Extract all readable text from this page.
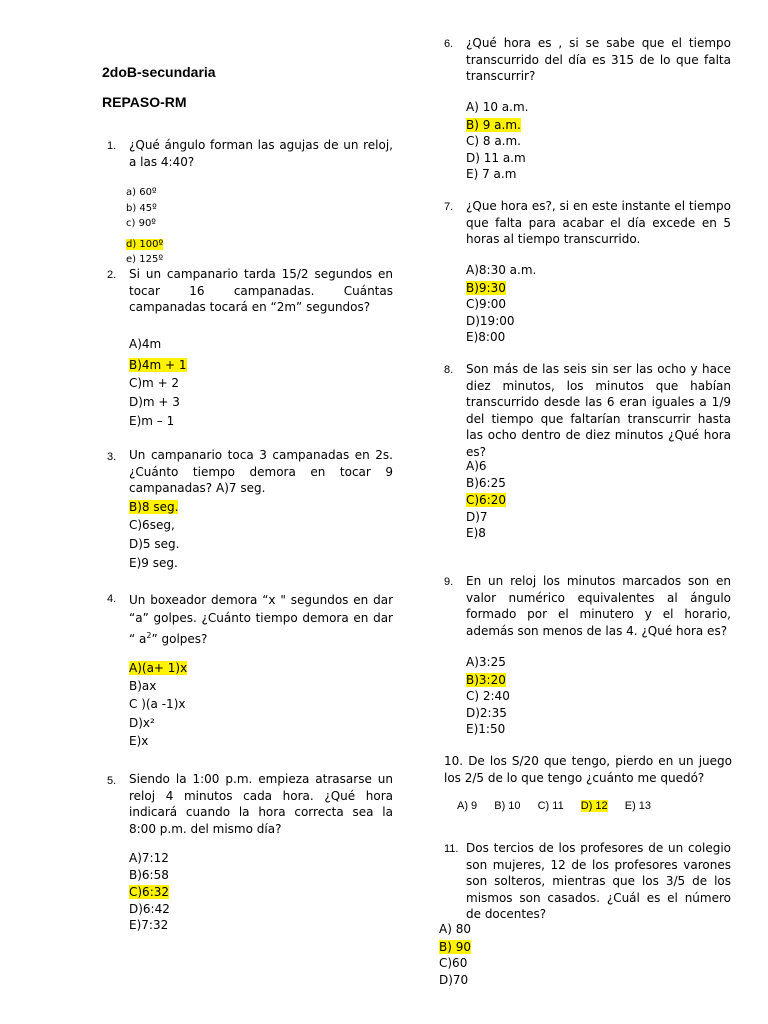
2doB-secundaria
REPASO-RM
1. ¿Qué ángulo forman las agujas de un reloj, a las 4:40?
a) 60º
b) 45º
c) 90º
d) 100º
e) 125º
2. Si un campanario tarda 15/2 segundos en tocar 16 campanadas. Cuántas campanadas tocará en “2m” segundos?
A)4m
B)4m + 1
C)m + 2
D)m + 3
E)m – 1
3. Un campanario toca 3 campanadas en 2s. ¿Cuánto tiempo demora en tocar 9 campanadas? A)7 seg.
B)8 seg.
C)6seg,
D)5 seg.
E)9 seg.
4. Un boxeador demora “x " segundos en dar “a” golpes. ¿Cuánto tiempo demora en dar “ $a^2$” golpes?
A)(a+ 1)x
B)ax
C )(a -1)x
D)x²
E)x
5. Siendo la 1:00 p.m. empieza atrasarse un reloj 4 minutos cada hora. ¿Qué hora indicará cuando la hora correcta sea la 8:00 p.m. del mismo día?
A)7:12
B)6:58
C)6:32
D)6:42
E)7:32
6. ¿Qué hora es , si se sabe que el tiempo transcurrido del día es 315 de lo que falta transcurrir?
A) 10 a.m.
B) 9 a.m.
C) 8 a.m.
D) 11 a.m
E) 7 a.m
7. ¿Que hora es?, si en este instante el tiempo que falta para acabar el día excede en 5 horas al tiempo transcurrido.
A)8:30 a.m.
B)9:30
C)9:00
D)19:00
E)8:00
8. Son más de las seis sin ser las ocho y hace diez minutos, los minutos que habían transcurrido desde las 6 eran iguales a 1/9 del tiempo que faltarían transcurrir hasta las ocho dentro de diez minutos ¿Qué hora es?
A)6
B)6:25
C)6:20
D)7
E)8
9. En un reloj los minutos marcados son en valor numérico equivalentes al ángulo formado por el minutero y el horario, además son menos de las 4. ¿Qué hora es?
A)3:25
B)3:20
C) 2:40
D)2:35
E)1:50
10. De los S/20 que tengo, pierdo en un juego los 2/5 de lo que tengo ¿cuánto me quedó?
A) 9 B) 10 C) 11 D) 12 E) 13
11. Dos tercios de los profesores de un colegio son mujeres, 12 de los profesores varones son solteros, mientras que los 3/5 de los mismos son casados. ¿Cuál es el número de docentes?
A) 80
B) 90
C)60
D)70
